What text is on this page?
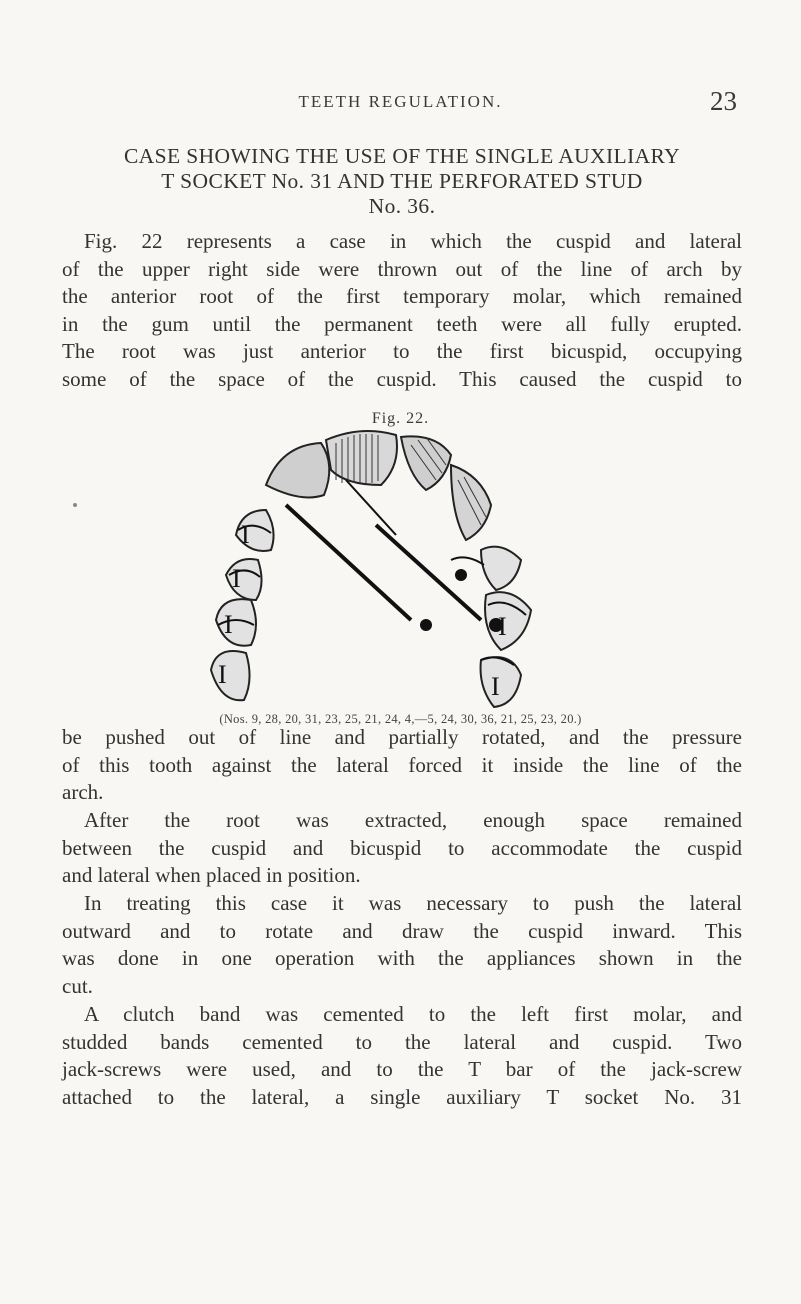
TEETH REGULATION.	23
CASE SHOWING THE USE OF THE SINGLE AUXILIARY
T SOCKET No. 31 AND THE PERFORATED STUD
No. 36.
Fig. 22 represents a case in which the cuspid and lateral
of the upper right side were thrown out of the line of arch by
the anterior root of the first temporary molar, which remained
in the gum until the permanent teeth were all fully erupted.
The root was just anterior to the first bicuspid, occupying
some of the space of the cuspid. This caused the cuspid to
Fig. 22.
I
I
I
I
I
I
(Nos. 9, 28, 20, 31, 23, 25, 21, 24, 4,—5, 24, 30, 36, 21, 25, 23, 20.)
be pushed out of line and partially rotated, and the pressure
of this tooth against the lateral forced it inside the line of the
arch.
After the root was extracted, enough space remained
between the cuspid and bicuspid to accommodate the cuspid
and lateral when placed in position.
In treating this case it was necessary to push the lateral
outward and to rotate and draw the cuspid inward. This
was done in one operation with the appliances shown in the
cut.
A clutch band was cemented to the left first molar, and
studded bands cemented to the lateral and cuspid. Two
jack-screws were used, and to the T bar of the jack-screw
attached to the lateral, a single auxiliary T socket No. 31
